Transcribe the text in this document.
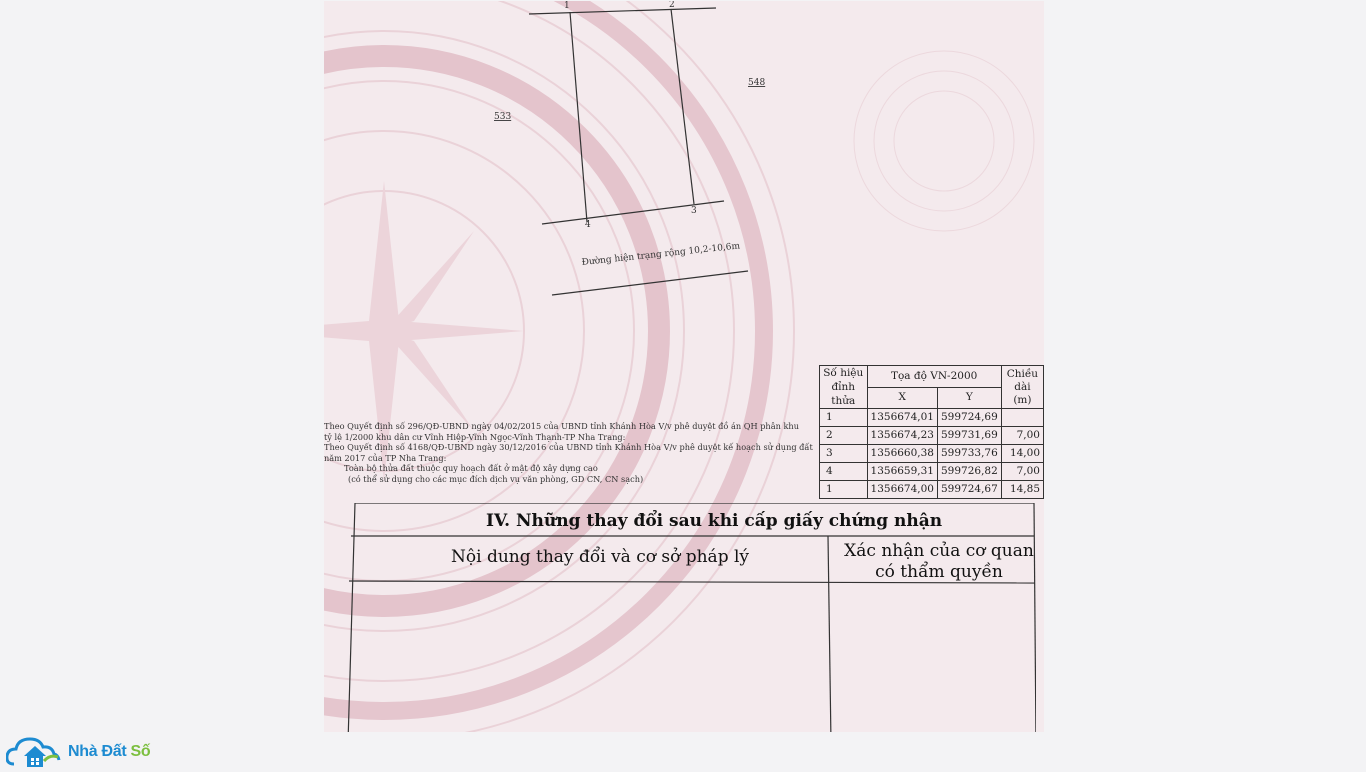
1	2
3
4
533
548
Đường hiện trạng rộng 10,2-10,6m
Theo Quyết định số 296/QĐ-UBND ngày 04/02/2015 của UBND tỉnh Khánh Hòa V/v phê duyệt đồ án QH phân khu
tỷ lệ 1/2000 khu dân cư Vĩnh Hiệp-Vĩnh Ngọc-Vĩnh Thạnh-TP Nha Trang:
Theo Quyết định số 4168/QĐ-UBND ngày 30/12/2016 của UBND tỉnh Khánh Hòa V/v phê duyệt kế hoạch sử dụng đất
năm 2017 của TP Nha Trang:
Toàn bộ thửa đất thuộc quy hoạch đất ở mật độ xây dựng cao
(có thể sử dụng cho các mục đích dịch vụ văn phòng, GD CN, CN sạch)
Số hiệu
đỉnh thửa	Tọa độ VN-2000		Chiều
dài
(m)
	X	Y	
1	1356674,01	599724,69	
2	1356674,23	599731,69	7,00
3	1356660,38	599733,76	14,00
4	1356659,31	599726,82	7,00
1	1356674,00	599724,67	14,85
IV. Những thay đổi sau khi cấp giấy chứng nhận
Nội dung thay đổi và cơ sở pháp lý	Xác nhận của cơ quan
có thẩm quyền
Nhà Đất Số
